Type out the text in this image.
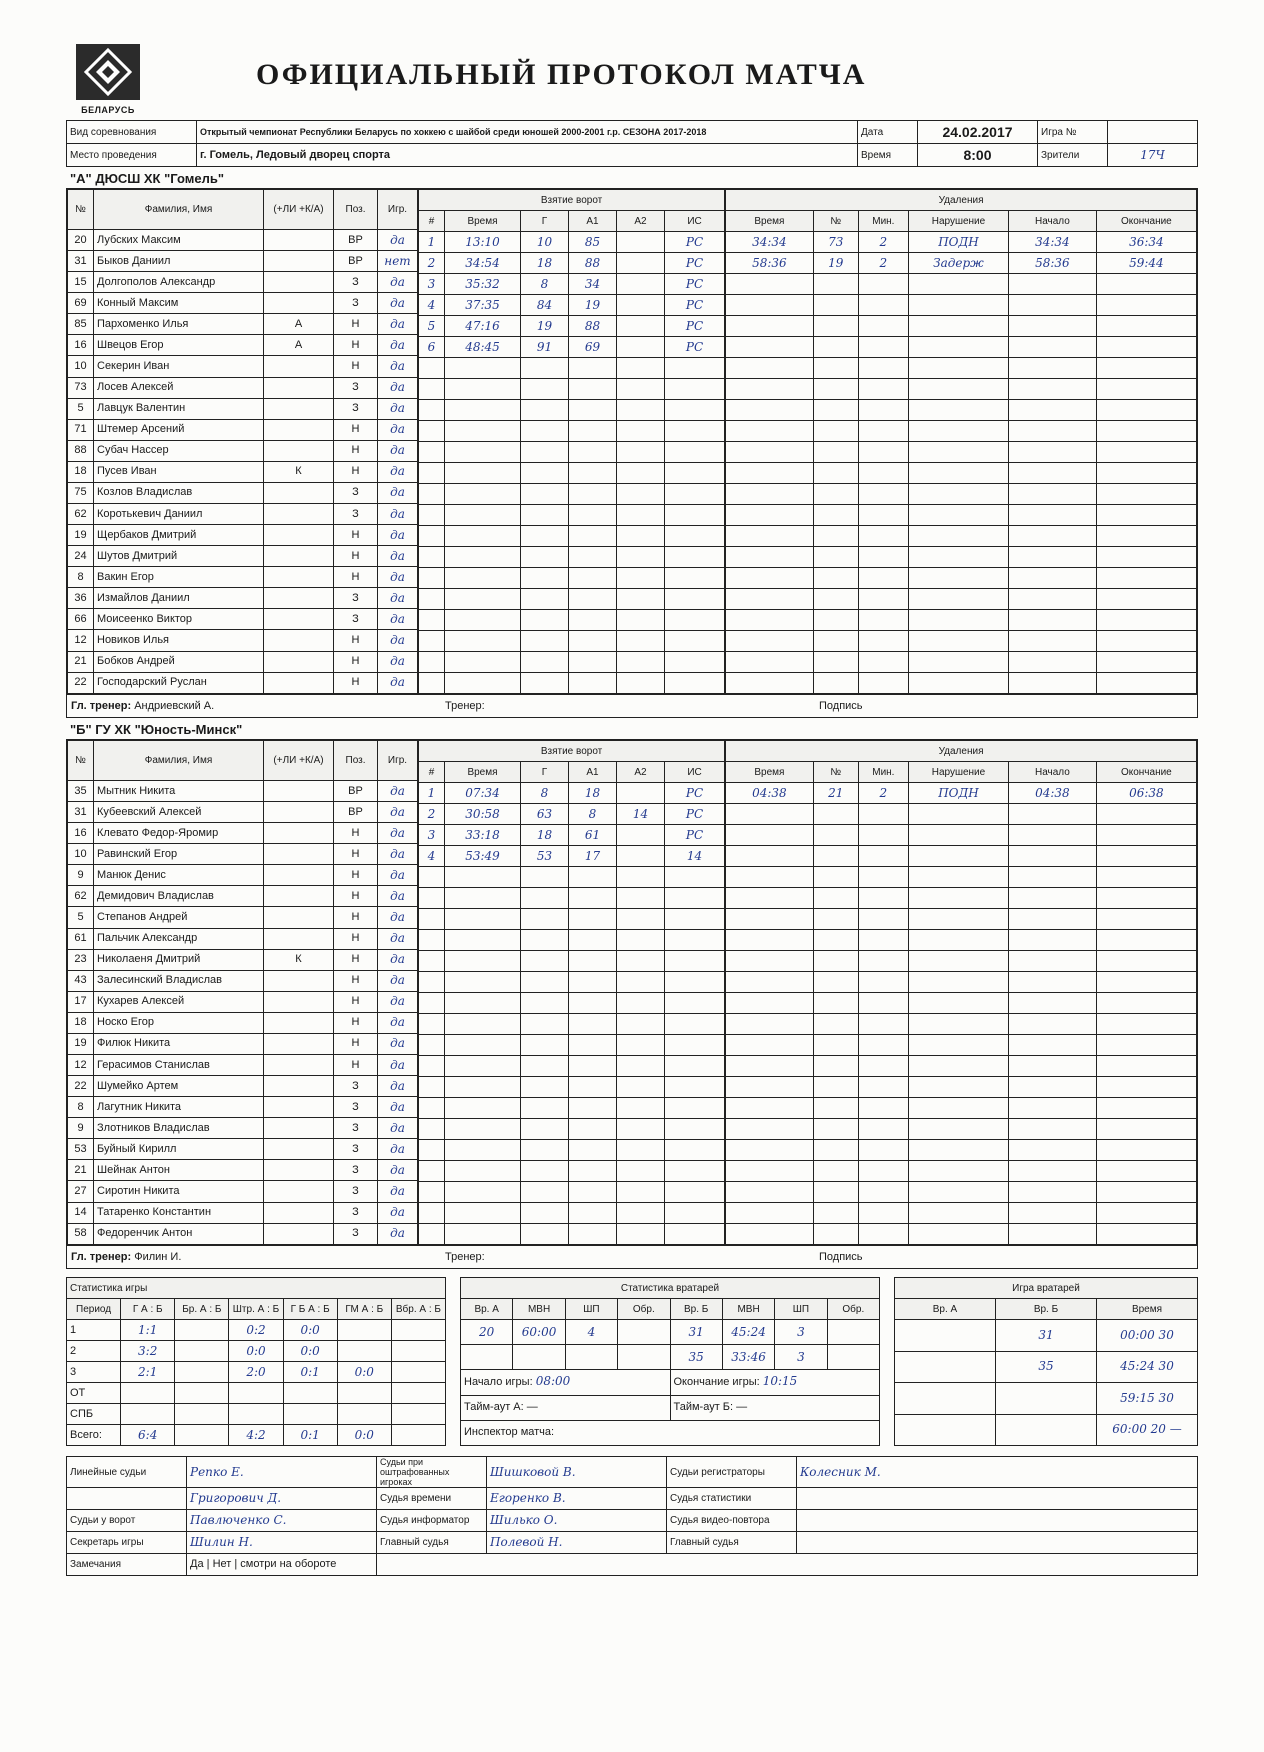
БЕЛАРУСЬ
ОФИЦИАЛЬНЫЙ ПРОТОКОЛ МАТЧА
Вид соревнования	Открытый чемпионат Республики Беларусь по хоккею с шайбой среди юношей 2000-2001 г.р. СЕЗОНА 2017-2018	Дата	24.02.2017	Игра №	
Место проведения	г. Гомель, Ледовый дворец спорта	Время	8:00	Зрители	17Ч
"А" ДЮСШ ХК "Гомель"
№	Фамилия, Имя	(+ЛИ +К/А)	Поз.	Игр.
20	Лубских Максим		ВР	да
31	Быков Даниил		ВР	нет
15	Долгополов Александр		З	да
69	Конный Максим		З	да
85	Пархоменко Илья	А	Н	да
16	Швецов Егор	А	Н	да
10	Секерин Иван		Н	да
73	Лосев Алексей		З	да
5	Лавцук Валентин		З	да
71	Штемер Арсений		Н	да
88	Субач Нассер		Н	да
18	Пусев Иван	К	Н	да
75	Козлов Владислав		З	да
62	Коротькевич Даниил		З	да
19	Щербаков Дмитрий		Н	да
24	Шутов Дмитрий		Н	да
8	Вакин Егор		Н	да
36	Измайлов Даниил		З	да
66	Моисеенко Виктор		З	да
12	Новиков Илья		Н	да
21	Бобков Андрей		Н	да
22	Господарский Руслан		Н	да
Взятие ворот					
#	Время	Г	А1	А2	ИС
1	13:10	10	85		РС
2	34:54	18	88		РС
3	35:32	8	34		РС
4	37:35	84	19		РС
5	47:16	19	88		РС
6	48:45	91	69		РС

Удаления					
Время	№	Мин.	Нарушение	Начало	Окончание
34:34	73	2	ПОДН	34:34	36:34
58:36	19	2	Задерж	58:36	59:44

Гл. тренер: Андриевский А.	Тренер:	Подпись
"Б" ГУ ХК "Юность-Минск"
№	Фамилия, Имя	(+ЛИ +К/А)	Поз.	Игр.
35	Мытник Никита		ВР	да
31	Кубеевский Алексей		ВР	да
16	Клевато Федор-Яромир		Н	да
10	Равинский Егор		Н	да
9	Манюк Денис		Н	да
62	Демидович Владислав		Н	да
5	Степанов Андрей		Н	да
61	Пальчик Александр		Н	да
23	Николаеня Дмитрий	К	Н	да
43	Залесинский Владислав		Н	да
17	Кухарев Алексей		Н	да
18	Носко Егор		Н	да
19	Филюк Никита		Н	да
12	Герасимов Станислав		Н	да
22	Шумейко Артем		З	да
8	Лагутник Никита		З	да
9	Злотников Владислав		З	да
53	Буйный Кирилл		З	да
21	Шейнак Антон		З	да
27	Сиротин Никита		З	да
14	Татаренко Константин		З	да
58	Федоренчик Антон		З	да
Взятие ворот					
#	Время	Г	А1	А2	ИС
1	07:34	8	18		РС
2	30:58	63	8	14	РС
3	33:18	18	61		РС
4	53:49	53	17		14

Удаления					
Время	№	Мин.	Нарушение	Начало	Окончание
04:38	21	2	ПОДН	04:38	06:38

Гл. тренер: Филин И.	Тренер:	Подпись
Статистика игры						
Период	Г А : Б	Бр. А : Б	Штр. А : Б	Г Б А : Б	ГМ А : Б	Вбр. А : Б
1	1:1		0:2	0:0		
2	3:2		0:0	0:0		
3	2:1		2:0	0:1	0:0	
ОТ						
СПБ						
Всего:	6:4		4:2	0:1	0:0	
Статистика вратарей							
Вр. А	МВН	ШП	Обр.	Вр. Б	МВН	ШП	Обр.
20	60:00	4		31	45:24	3	
				35	33:46	3	
Начало игры: 08:00				Окончание игры: 10:15			
Тайм-аут А: —				Тайм-аут Б: —			
Инспектор матча:							
Игра вратарей		
Вр. А	Вр. Б	Время
	31	00:00 30
	35	45:24 30
		59:15 30
		60:00 20 —
Линейные судьи	Репко Е.	Судьи при оштрафованных игроках	Шишковой В.	Судьи регистраторы	Колесник М.
	Григорович Д.	Судья времени	Егоренко В.	Судья статистики	
Судьи у ворот	Павлюченко С.	Судья информатор	Шилько О.	Судья видео-повтора	
Секретарь игры	Шилин Н.	Главный судья	Полевой Н.	Главный судья	
Замечания	Да | Нет | смотри на обороте				
